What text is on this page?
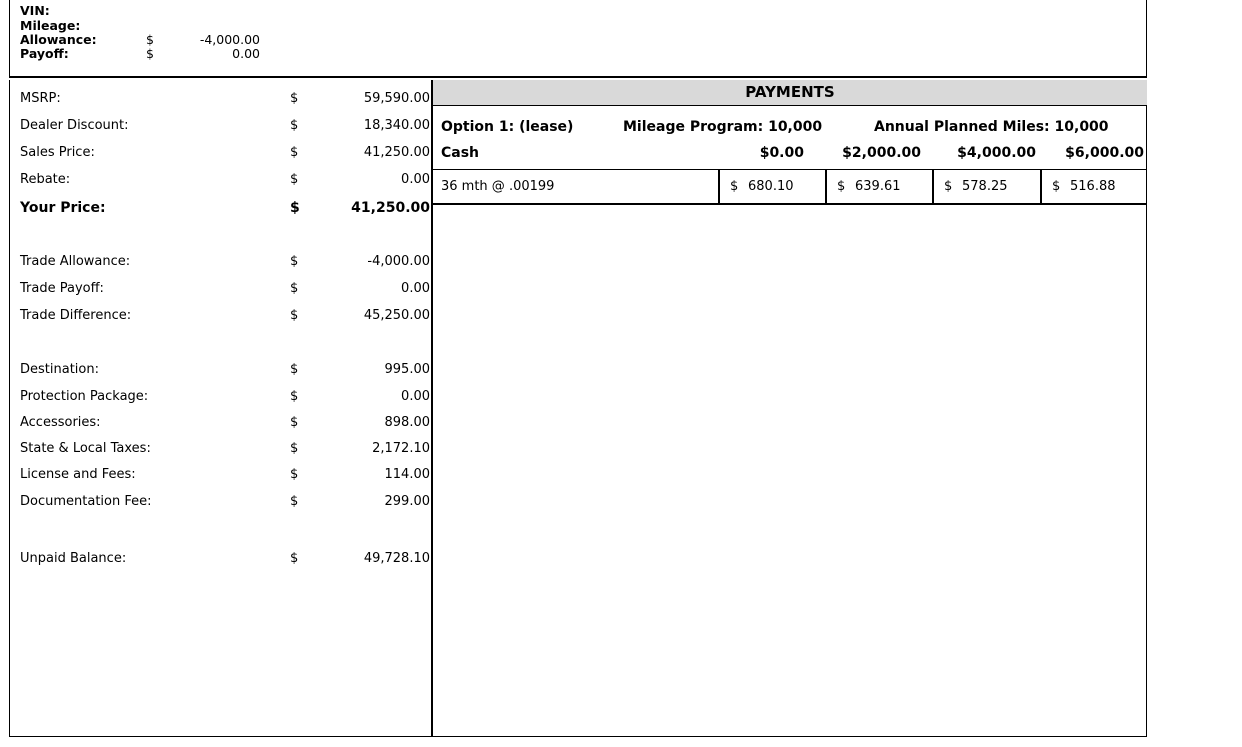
VIN:
Mileage:
Allowance:	$	-4,000.00
Payoff:	$	0.00
MSRP:	$	59,590.00
Dealer Discount:	$	18,340.00
Sales Price:	$	41,250.00
Rebate:	$	0.00
Your Price:	$	41,250.00
Trade Allowance:	$	-4,000.00
Trade Payoff:	$	0.00
Trade Difference:	$	45,250.00
Destination:	$	995.00
Protection Package:	$	0.00
Accessories:	$	898.00
State & Local Taxes:	$	2,172.10
License and Fees:	$	114.00
Documentation Fee:	$	299.00
Unpaid Balance:	$	49,728.10
PAYMENTS
Option 1: (lease)	Mileage Program: 10,000	Annual Planned Miles: 10,000
Cash	$0.00	$2,000.00	$4,000.00	$6,000.00
36 mth @ .00199	$ 680.10	$ 639.61	$ 578.25	$ 516.88
